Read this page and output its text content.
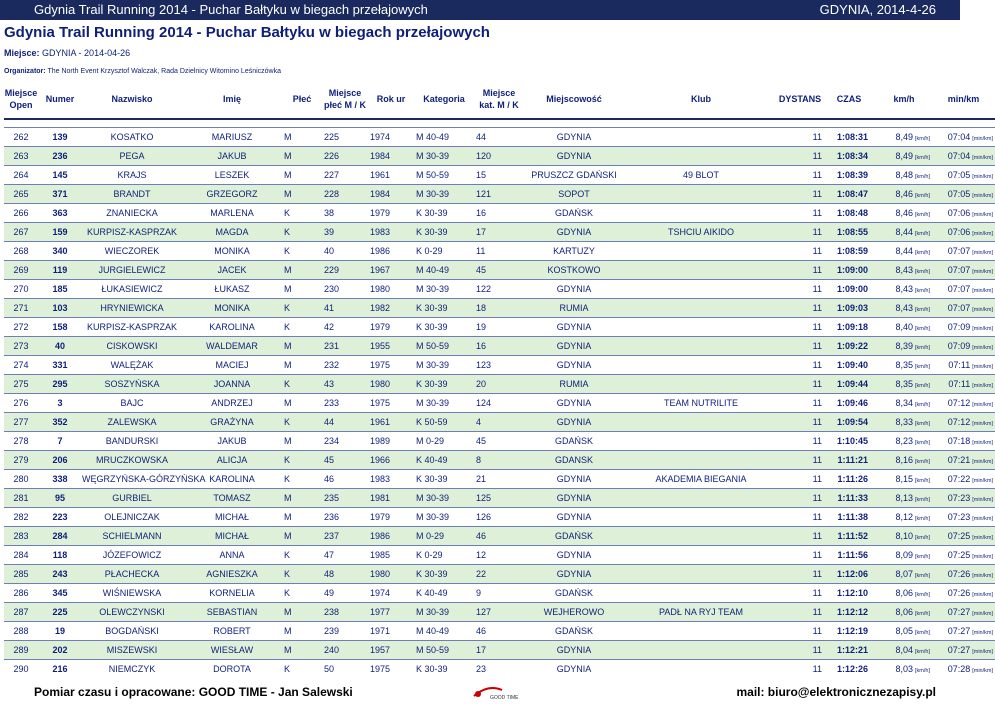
Gdynia Trail Running 2014 - Puchar Bałtyku w biegach przełajowych	GDYNIA, 2014-4-26
Gdynia Trail Running 2014 - Puchar Bałtyku w biegach przełajowych
Miejsce: GDYNIA - 2014-04-26
Organizator: The North Event Krzysztof Walczak, Rada Dzielnicy Witomino Leśniczówka
Miejsce Open	Numer	Nazwisko	Imię	Płeć	Miejsce płeć M / K	Rok ur	Kategoria	Miejsce kat. M / K	Miejscowość	Klub	DYSTANS	CZAS	km/h	min/km

262	139	KOSATKO	MARIUSZ	M	225	1974	M 40-49	44	GDYNIA		11	1:08:31	8,49 [km/h]	07:04 [min/km]
263	236	PEGA	JAKUB	M	226	1984	M 30-39	120	GDYNIA		11	1:08:34	8,49 [km/h]	07:04 [min/km]
264	145	KRAJS	LESZEK	M	227	1961	M 50-59	15	PRUSZCZ GDAŃSKI	49 BLOT	11	1:08:39	8,48 [km/h]	07:05 [min/km]
265	371	BRANDT	GRZEGORZ	M	228	1984	M 30-39	121	SOPOT		11	1:08:47	8,46 [km/h]	07:05 [min/km]
266	363	ZNANIECKA	MARLENA	K	38	1979	K 30-39	16	GDAŃSK		11	1:08:48	8,46 [km/h]	07:06 [min/km]
267	159	KURPISZ-KASPRZAK	MAGDA	K	39	1983	K 30-39	17	GDYNIA	TSHCIU AIKIDO	11	1:08:55	8,44 [km/h]	07:06 [min/km]
268	340	WIECZOREK	MONIKA	K	40	1986	K 0-29	11	KARTUZY		11	1:08:59	8,44 [km/h]	07:07 [min/km]
269	119	JURGIELEWICZ	JACEK	M	229	1967	M 40-49	45	KOSTKOWO		11	1:09:00	8,43 [km/h]	07:07 [min/km]
270	185	ŁUKASIEWICZ	ŁUKASZ	M	230	1980	M 30-39	122	GDYNIA		11	1:09:00	8,43 [km/h]	07:07 [min/km]
271	103	HRYNIEWICKA	MONIKA	K	41	1982	K 30-39	18	RUMIA		11	1:09:03	8,43 [km/h]	07:07 [min/km]
272	158	KURPISZ-KASPRZAK	KAROLINA	K	42	1979	K 30-39	19	GDYNIA		11	1:09:18	8,40 [km/h]	07:09 [min/km]
273	40	CISKOWSKI	WALDEMAR	M	231	1955	M 50-59	16	GDYNIA		11	1:09:22	8,39 [km/h]	07:09 [min/km]
274	331	WALĘŻAK	MACIEJ	M	232	1975	M 30-39	123	GDYNIA		11	1:09:40	8,35 [km/h]	07:11 [min/km]
275	295	SOSZYŃSKA	JOANNA	K	43	1980	K 30-39	20	RUMIA		11	1:09:44	8,35 [km/h]	07:11 [min/km]
276	3	BAJC	ANDRZEJ	M	233	1975	M 30-39	124	GDYNIA	TEAM NUTRILITE	11	1:09:46	8,34 [km/h]	07:12 [min/km]
277	352	ZALEWSKA	GRAŻYNA	K	44	1961	K 50-59	4	GDYNIA		11	1:09:54	8,33 [km/h]	07:12 [min/km]
278	7	BANDURSKI	JAKUB	M	234	1989	M 0-29	45	GDAŃSK		11	1:10:45	8,23 [km/h]	07:18 [min/km]
279	206	MRUCZKOWSKA	ALICJA	K	45	1966	K 40-49	8	GDANSK		11	1:11:21	8,16 [km/h]	07:21 [min/km]
280	338	WĘGRZYŃSKA-GÓRZYŃSKA	KAROLINA	K	46	1983	K 30-39	21	GDYNIA	AKADEMIA BIEGANIA	11	1:11:26	8,15 [km/h]	07:22 [min/km]
281	95	GURBIEL	TOMASZ	M	235	1981	M 30-39	125	GDYNIA		11	1:11:33	8,13 [km/h]	07:23 [min/km]
282	223	OLEJNICZAK	MICHAŁ	M	236	1979	M 30-39	126	GDYNIA		11	1:11:38	8,12 [km/h]	07:23 [min/km]
283	284	SCHIELMANN	MICHAŁ	M	237	1986	M 0-29	46	GDAŃSK		11	1:11:52	8,10 [km/h]	07:25 [min/km]
284	118	JÓZEFOWICZ	ANNA	K	47	1985	K 0-29	12	GDYNIA		11	1:11:56	8,09 [km/h]	07:25 [min/km]
285	243	PŁACHECKA	AGNIESZKA	K	48	1980	K 30-39	22	GDYNIA		11	1:12:06	8,07 [km/h]	07:26 [min/km]
286	345	WIŚNIEWSKA	KORNELIA	K	49	1974	K 40-49	9	GDAŃSK		11	1:12:10	8,06 [km/h]	07:26 [min/km]
287	225	OLEWCZYNSKI	SEBASTIAN	M	238	1977	M 30-39	127	WEJHEROWO	PADŁ NA RYJ TEAM	11	1:12:12	8,06 [km/h]	07:27 [min/km]
288	19	BOGDAŃSKI	ROBERT	M	239	1971	M 40-49	46	GDAŃSK		11	1:12:19	8,05 [km/h]	07:27 [min/km]
289	202	MISZEWSKI	WIESŁAW	M	240	1957	M 50-59	17	GDYNIA		11	1:12:21	8,04 [km/h]	07:27 [min/km]
290	216	NIEMCZYK	DOROTA	K	50	1975	K 30-39	23	GDYNIA		11	1:12:26	8,03 [km/h]	07:28 [min/km]
Pomiar czasu i opracowane: GOOD TIME - Jan Salewski	mail: biuro@elektronicznezapisy.pl
GOOD TIME
